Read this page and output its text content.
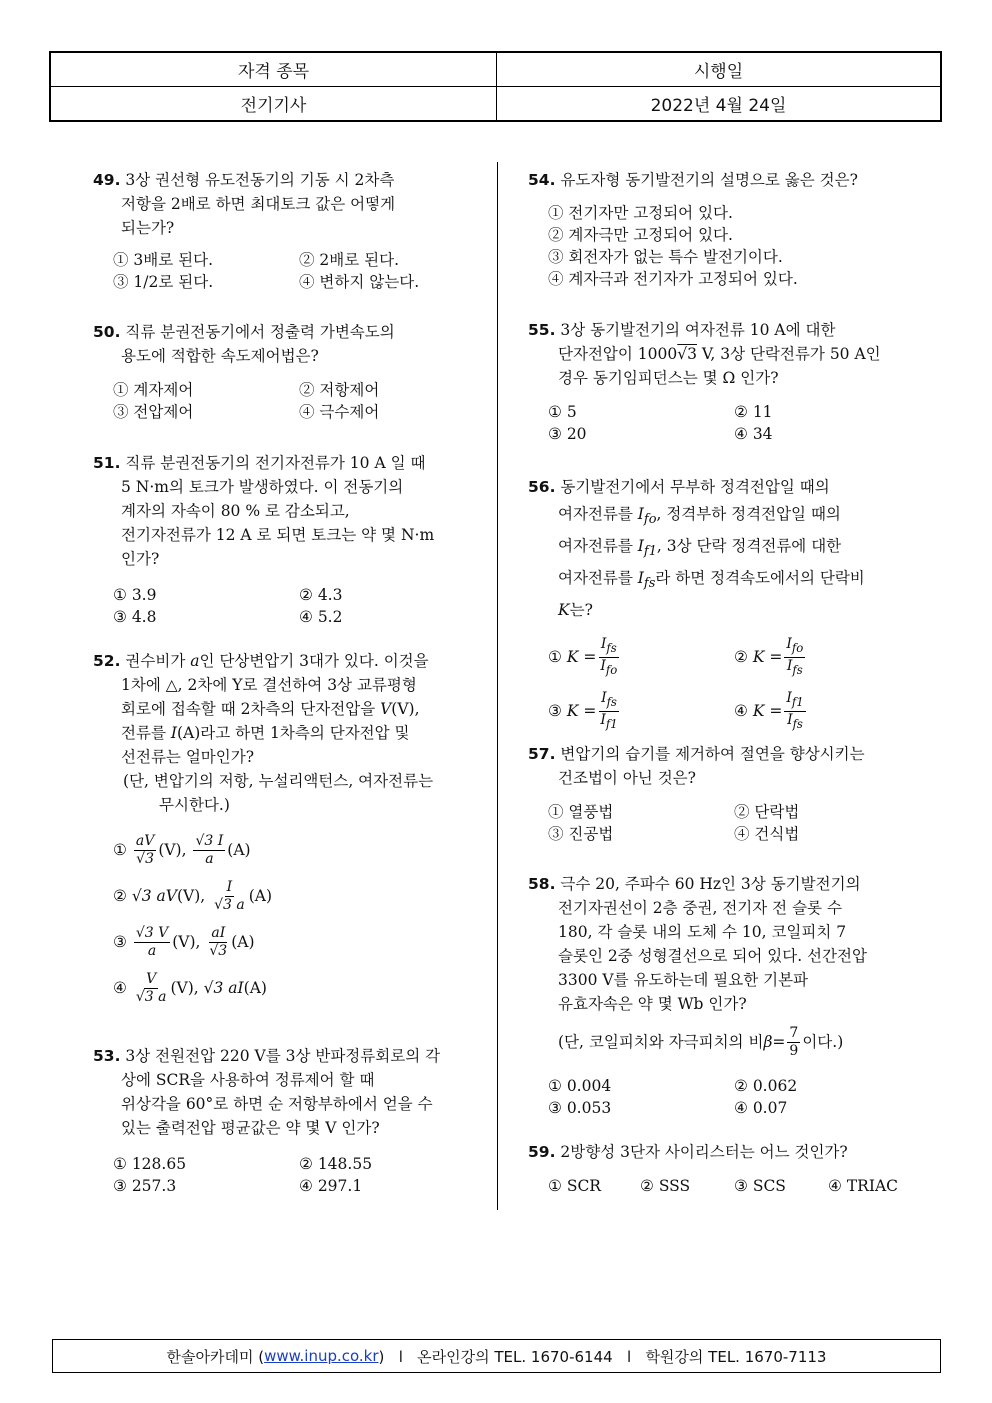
자격 종목	시행일
전기기사	2022년 4월 24일
49. 3상 권선형 유도전동기의 기동 시 2차측
저항을 2배로 하면 최대토크 값은 어떻게
되는가?
① 3배로 된다.	② 2배로 된다.
③ 1/2로 된다.	④ 변하지 않는다.
50. 직류 분권전동기에서 정출력 가변속도의
용도에 적합한 속도제어법은?
① 계자제어	② 저항제어
③ 전압제어	④ 극수제어
51. 직류 분권전동기의 전기자전류가 10 A 일 때
5 N·m의 토크가 발생하였다. 이 전동기의
계자의 자속이 80 % 로 감소되고,
전기자전류가 12 A 로 되면 토크는 약 몇 N·m
인가?
① 3.9	② 4.3
③ 4.8	④ 5.2
52. 권수비가 a인 단상변압기 3대가 있다. 이것을
1차에 △, 2차에 Y로 결선하여 3상 교류평형
회로에 접속할 때 2차측의 단자전압을 V(V),
전류를 I(A)라고 하면 1차측의 단자전압 및
선전류는 얼마인가?
(단, 변압기의 저항, 누설리액턴스, 여자전류는
무시한다.)
①
$\frac{aV}{√3} (V)$,
$\frac{√3 I}{a} (A)$
②
√3 aV (V),
$\frac{I}{√3 a} (A)$
③
$\frac{√3 V}{a} (V)$,
$\frac{aI}{√3} (A)$
④
$\frac{V}{√3 a} (V)$,
√3 aI (A)
53. 3상 전원전압 220 V를 3상 반파정류회로의 각
상에 SCR을 사용하여 정류제어 할 때
위상각을 60°로 하면 순 저항부하에서 얻을 수
있는 출력전압 평균값은 약 몇 V 인가?
① 128.65	② 148.55
③ 257.3	④ 297.1
54. 유도자형 동기발전기의 설명으로 옳은 것은?
① 전기자만 고정되어 있다.
② 계자극만 고정되어 있다.
③ 회전자가 없는 특수 발전기이다.
④ 계자극과 전기자가 고정되어 있다.
55. 3상 동기발전기의 여자전류 10 A에 대한
단자전압이 1000√3 V, 3상 단락전류가 50 A인
경우 동기임피던스는 몇 Ω 인가?
① 5	② 11
③ 20	④ 34
56. 동기발전기에서 무부하 정격전압일 때의
여자전류를 $I_{fo}$, 정격부하 정격전압일 때의
여자전류를 $I_{f1}$, 3상 단락 정격전류에 대한
여자전류를 $I_{fs}$라 하면 정격속도에서의 단락비
K는?
①
$K = \frac{I_{fs}}{I_{fo}}$	②
$K = \frac{I_{fo}}{I_{fs}}$
③
$K = \frac{I_{fs}}{I_{f1}}$	④
$K = \frac{I_{f1}}{I_{fs}}$
57. 변압기의 습기를 제거하여 절연을 향상시키는
건조법이 아닌 것은?
① 열풍법	② 단락법
③ 진공법	④ 건식법
58. 극수 20, 주파수 60 Hz인 3상 동기발전기의
전기자권선이 2층 중권, 전기자 전 슬롯 수
180, 각 슬롯 내의 도체 수 10, 코일피치 7
슬롯인 2중 성형결선으로 되어 있다. 선간전압
3300 V를 유도하는데 필요한 기본파
유효자속은 약 몇 Wb 인가?
(단, 코일피치와 자극피치의 비 $\beta = \frac{7}{9}$ 이다.)
① 0.004	② 0.062
③ 0.053	④ 0.07
59. 2방향성 3단자 사이리스터는 어느 것인가?
① SCR	② SSS	③ SCS	④ TRIAC
한솔아카데미 ( www.inup.co.kr )   l   온라인강의 TEL. 1670-6144   l   학원강의 TEL. 1670-7113
